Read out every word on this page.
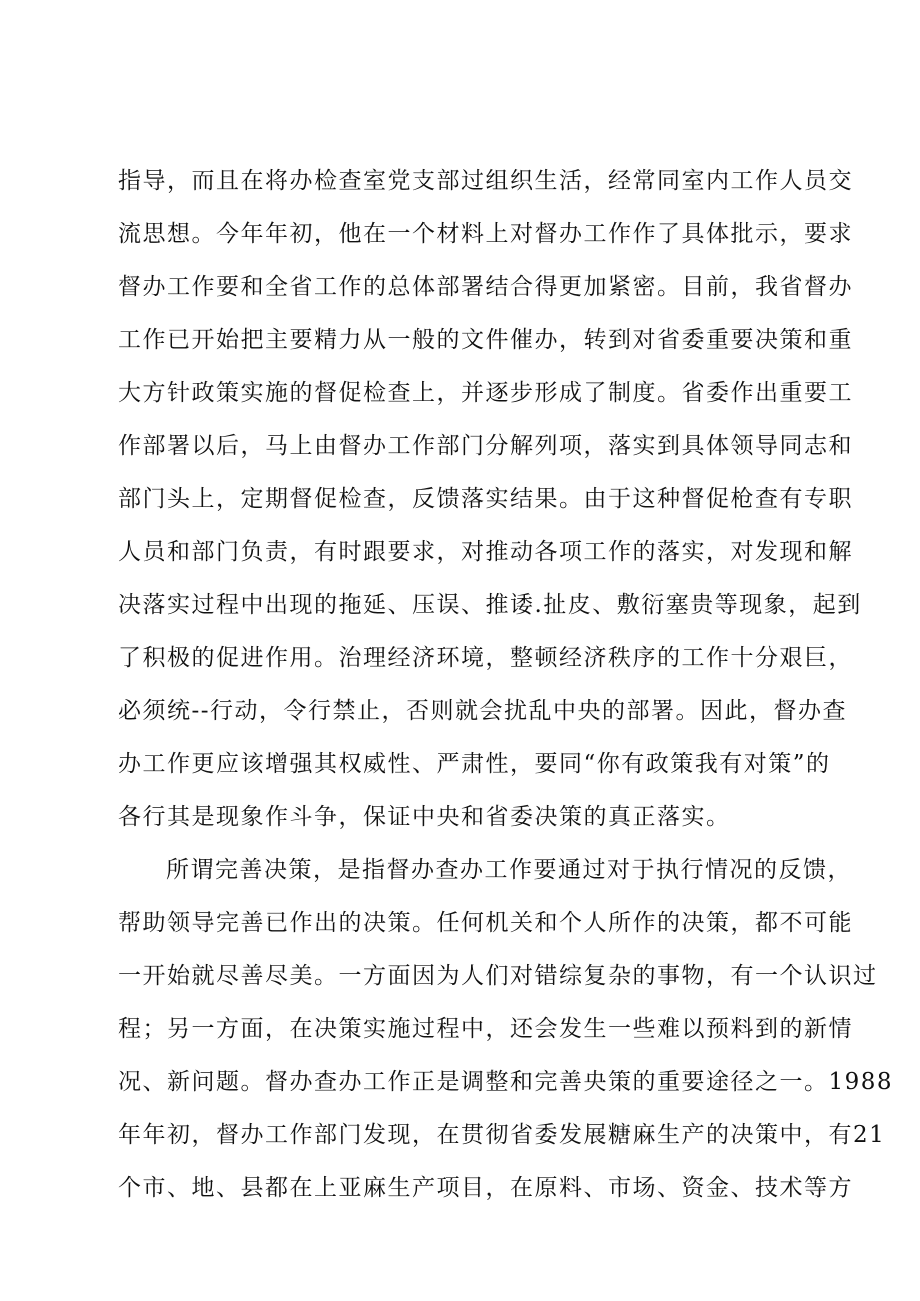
指导，而且在将办检查室党支部过组织生活，经常同室内工作人员交
流思想。今年年初，他在一个材料上对督办工作作了具体批示，要求
督办工作要和全省工作的总体部署结合得更加紧密。目前，我省督办
工作已开始把主要精力从一般的文件催办，转到对省委重要决策和重
大方针政策实施的督促检查上，并逐步形成了制度。省委作出重要工
作部署以后，马上由督办工作部门分解列项，落实到具体领导同志和
部门头上，定期督促检查，反馈落实结果。由于这种督促枪查有专职
人员和部门负责，有时跟要求，对推动各项工作的落实，对发现和解
决落实过程中出现的拖延、压误、推诿.扯皮、敷衍塞贵等现象，起到
了积极的促进作用。治理经济环境，整顿经济秩序的工作十分艰巨，
必须统--行动，令行禁止，否则就会扰乱中央的部署。因此，督办查
办工作更应该增强其权威性、严肃性，要同“你有政策我有对策”的
各行其是现象作斗争，保证中央和省委决策的真正落实。
所谓完善决策，是指督办查办工作要通过对于执行情况的反馈，
帮助领导完善已作出的决策。任何机关和个人所作的决策，都不可能
一开始就尽善尽美。一方面因为人们对错综复杂的事物，有一个认识过
程；另一方面，在决策实施过程中，还会发生一些难以预料到的新情
况、新问题。督办查办工作正是调整和完善央策的重要途径之一。1988
年年初，督办工作部门发现，在贯彻省委发展糖麻生产的决策中，有21
个市、地、县都在上亚麻生产项目，在原料、市场、资金、技术等方
